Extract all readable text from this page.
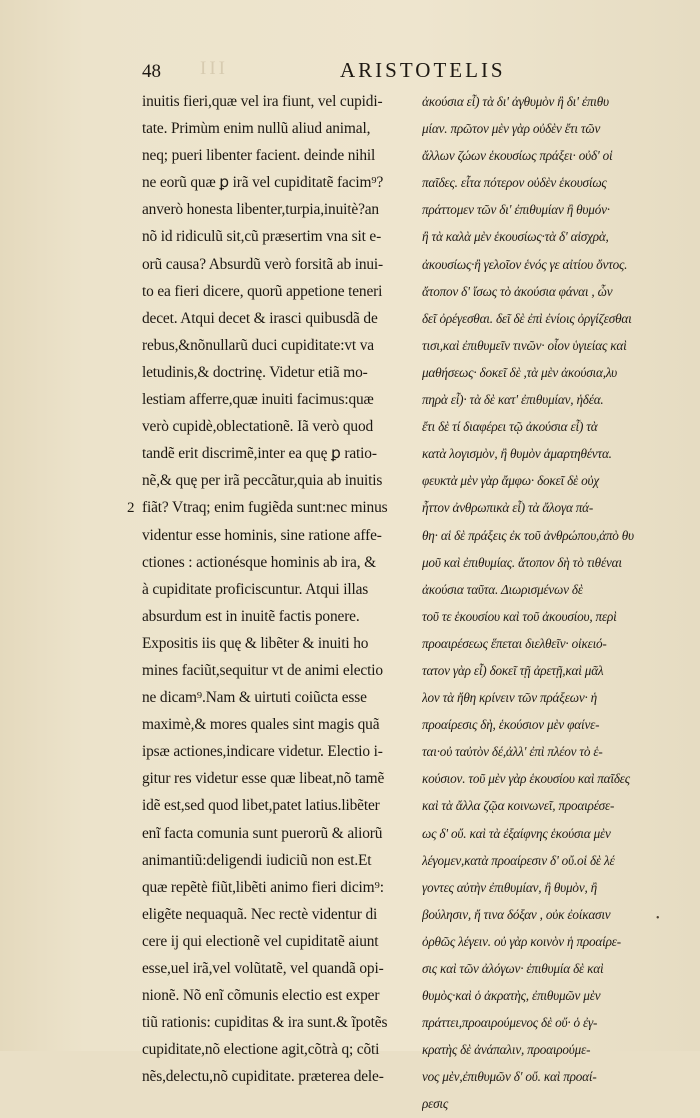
III
48	ARISTOTELIS
2
inuitis fieri,quæ vel ira fiunt, vel cupidi-
tate. Primùm enim nullũ aliud animal,
neq; pueri libenter facient. deinde nihil
ne eorũ quæ ꝑ irã vel cupiditatẽ facim⁹?
anverò honesta libenter,turpia,inuitè?an
nõ id ridiculũ sit,cũ præsertim vna sit e-
orũ causa? Absurdũ verò forsitã ab inui-
to ea fieri dicere, quorũ appetione teneri
decet. Atqui decet & irasci quibusdã de
rebus,&nõnullarũ duci cupiditate:vt va
letudinis,& doctrinę. Videtur etiã mo-
lestiam afferre,quæ inuiti facimus:quæ
verò cupidè,oblectationẽ. Iã verò quod
tandẽ erit discrimẽ,inter ea quę ꝑ ratio-
nẽ,& quę per irã peccãtur,quia ab inuitis
fiãt? Vtraq; enim fugiẽda sunt:nec minus
videntur esse hominis, sine ratione affe-
ctiones : actionésque hominis ab ira, &
à cupiditate proficiscuntur. Atqui illas
absurdum est in inuitẽ factis ponere.
Expositis iis quę & libẽter & inuiti ho
mines faciũt,sequitur vt de animi electio
ne dicam⁹.Nam & uirtuti coiũcta esse
maximè,& mores quales sint magis quã
ipsæ actiones,indicare videtur. Electio i-
gitur res videtur esse quæ libeat,nõ tamẽ
idẽ est,sed quod libet,patet latius.libẽter
enĩ facta comunia sunt puerorũ & aliorũ
animantiũ:deligendi iudiciũ non est.Et
quæ repẽtè fiũt,libẽti animo fieri dicim⁹:
eligẽte nequaquã. Nec rectè videntur di
cere ij qui electionẽ vel cupiditatẽ aiunt
esse,uel irã,vel volũtatẽ, vel quandã opi-
nionẽ. Nõ enĩ cõmunis electio est exper
tiũ rationis: cupiditas & ira sunt.& ĩpotẽs
cupiditate,nõ electione agit,cõtrà q; cõti
nẽs,delectu,nõ cupiditate. præterea dele-
ἀκούσια εἶ) τὰ δι' ἀγθυμὸν ἢ δι' ἐπιθυ
μίαν. πρῶτον μὲν γὰρ οὐδὲν ἔτι τῶν
ἄλλων ζώων ἑκουσίως πράξει· οὐδ' οἱ
παῖδες. εἶτα πότερον οὐδὲν ἑκουσίως
πράττομεν τῶν δι' ἐπιθυμίαν ἢ θυμόν·
ἢ τὰ καλὰ μὲν ἑκουσίως·τὰ δ' αἰσχρὰ,
ἀκουσίως·ἢ γελοῖον ἑνός γε αἰτίου ὄντος.
ἄτοπον δ' ἴσως τὸ ἀκούσια φάναι , ὧν
δεῖ ὀρέγεσθαι. δεῖ δὲ ἐπὶ ἐνίοις ὀργίζεσθαι
τισι,καὶ ἐπιθυμεῖν τινῶν· οἷον ὑγιείας καὶ
μαθήσεως· δοκεῖ δὲ ,τὰ μὲν ἀκούσια,λυ
πηρὰ εἶ)· τὰ δὲ κατ' ἐπιθυμίαν, ἡδέα.
ἔτι δὲ τί διαφέρει τῷ ἀκούσια εἶ) τὰ
κατὰ λογισμὸν, ἢ θυμὸν ἁμαρτηθέντα.
φευκτὰ μὲν γὰρ ἄμφω· δοκεῖ δὲ οὐχ
ἧττον ἀνθρωπικὰ εἶ) τὰ ἄλογα πά-
θη· αἱ δὲ πράξεις ἐκ τοῦ ἀνθρώπου,ἀπὸ θυ
μοῦ καὶ ἐπιθυμίας. ἄτοπον δὴ τὸ τιθέναι
ἀκούσια ταῦτα. Διωρισμένων δὲ
τοῦ τε ἑκουσίου καὶ τοῦ ἀκουσίου, περὶ
προαιρέσεως ἕπεται διελθεῖν· οἰκειό-
τατον γὰρ εἶ) δοκεῖ τῇ ἀρετῇ,καὶ μᾶλ
λον τὰ ἤθη κρίνειν τῶν πράξεων· ἡ
προαίρεσις δὴ, ἑκούσιον μὲν φαίνε-
ται·οὐ ταὐτὸν δέ,ἀλλ' ἐπὶ πλέον τὸ ἑ-
κούσιον. τοῦ μὲν γὰρ ἑκουσίου καὶ παῖδες
καὶ τὰ ἄλλα ζῷα κοινωνεῖ, προαιρέσε-
ως δ' οὔ. καὶ τὰ ἐξαίφνης ἑκούσια μὲν
λέγομεν,κατὰ προαίρεσιν δ' οὔ.οἱ δὲ λέ
γοντες αὐτὴν ἐπιθυμίαν, ἢ θυμὸν, ἢ
βούλησιν, ἤ τινα δόξαν , οὐκ ἐοίκασιν
ὀρθῶς λέγειν. οὐ γὰρ κοινὸν ἡ προαίρε-
σις καὶ τῶν ἀλόγων· ἐπιθυμία δὲ καὶ
θυμὸς·καὶ ὁ ἀκρατὴς, ἐπιθυμῶν μὲν
πράττει,προαιρούμενος δὲ οὔ· ὁ ἐγ-
κρατὴς δὲ ἀνάπαλιν, προαιρούμε-
νος μὲν,ἐπιθυμῶν δ' οὔ. καὶ προαί-
ρεσις
•
